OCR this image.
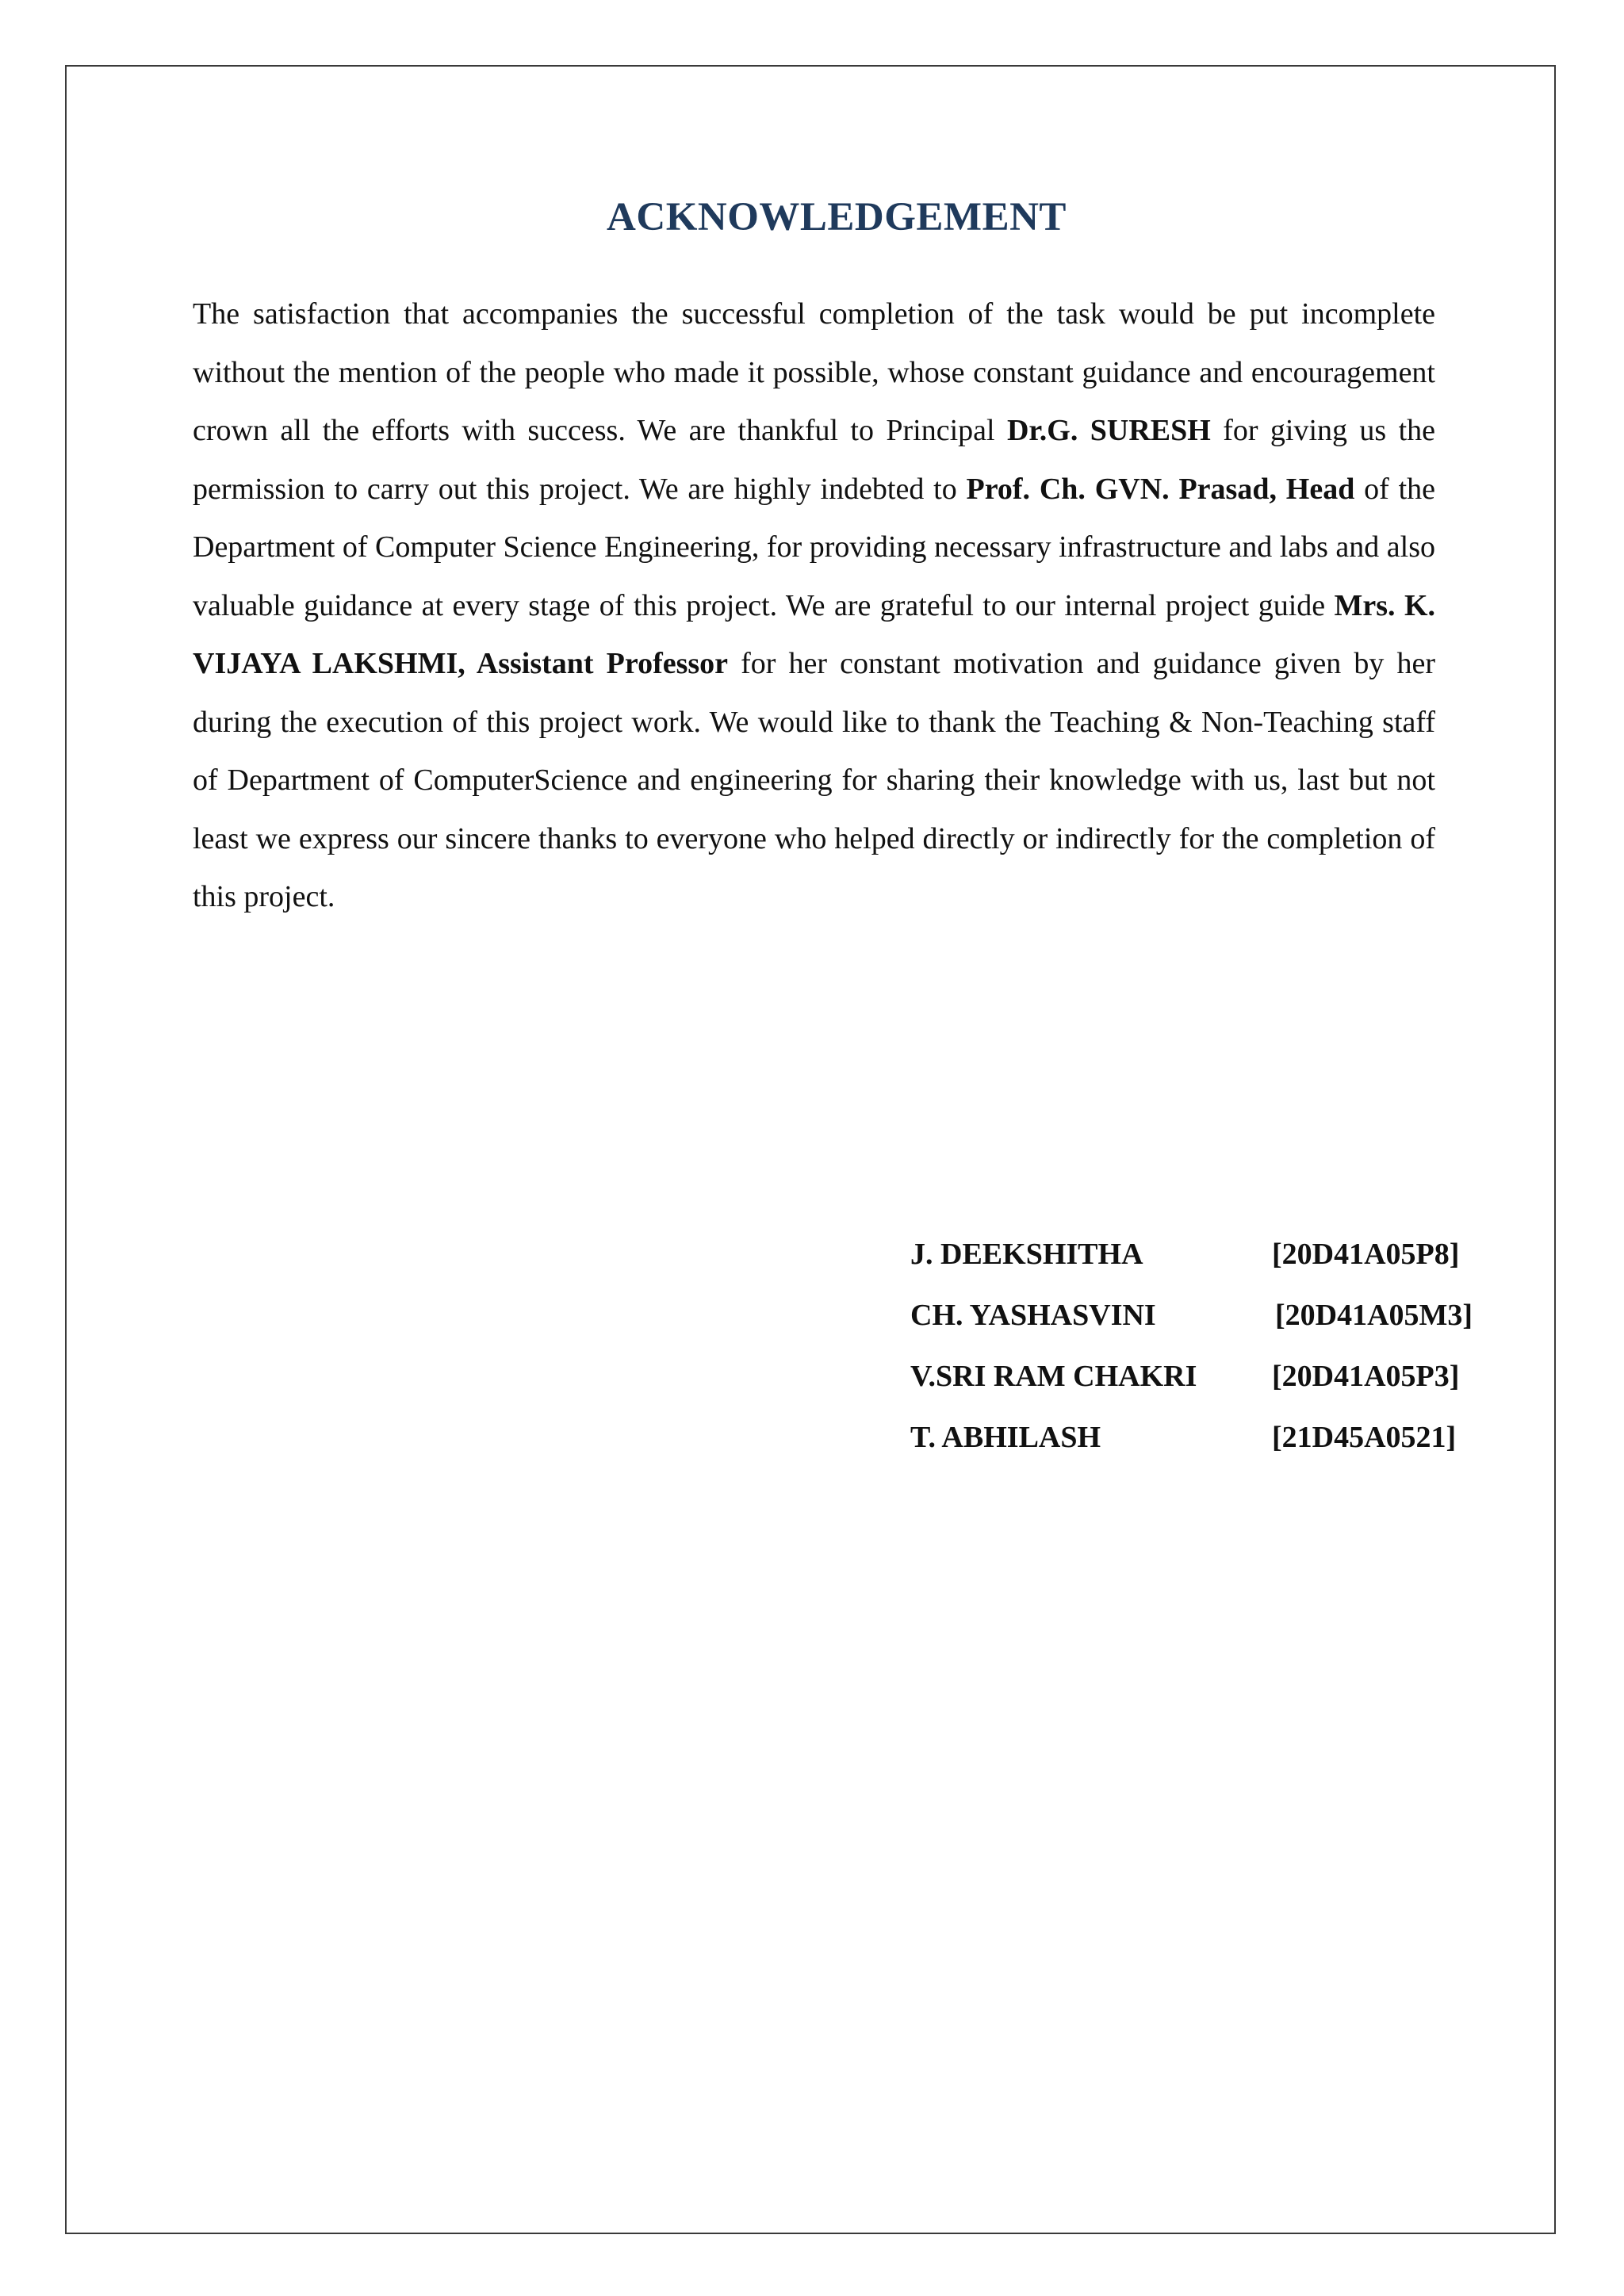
ACKNOWLEDGEMENT
The satisfaction that accompanies the successful completion of the task would be put incomplete without the mention of the people who made it possible, whose constant guidance and encouragement crown all the efforts with success. We are thankful to Principal Dr.G. SURESH for giving us the permission to carry out this project. We are highly indebted to Prof. Ch. GVN. Prasad, Head of the Department of Computer Science Engineering, for providing necessary infrastructure and labs and also valuable guidance at every stage of this project. We are grateful to our internal project guide Mrs. K. VIJAYA LAKSHMI, Assistant Professor for her constant motivation and guidance given by her during the execution of this project work. We would like to thank the Teaching & Non-Teaching staff of Department of ComputerScience and engineering for sharing their knowledge with us, last but not least we express our sincere thanks to everyone who helped directly or indirectly for the completion of this project.
J. DEEKSHITHA	[20D41A05P8]
CH. YASHASVINI	[20D41A05M3]
V.SRI RAM CHAKRI [20D41A05P3]
T. ABHILASH	[21D45A0521]
